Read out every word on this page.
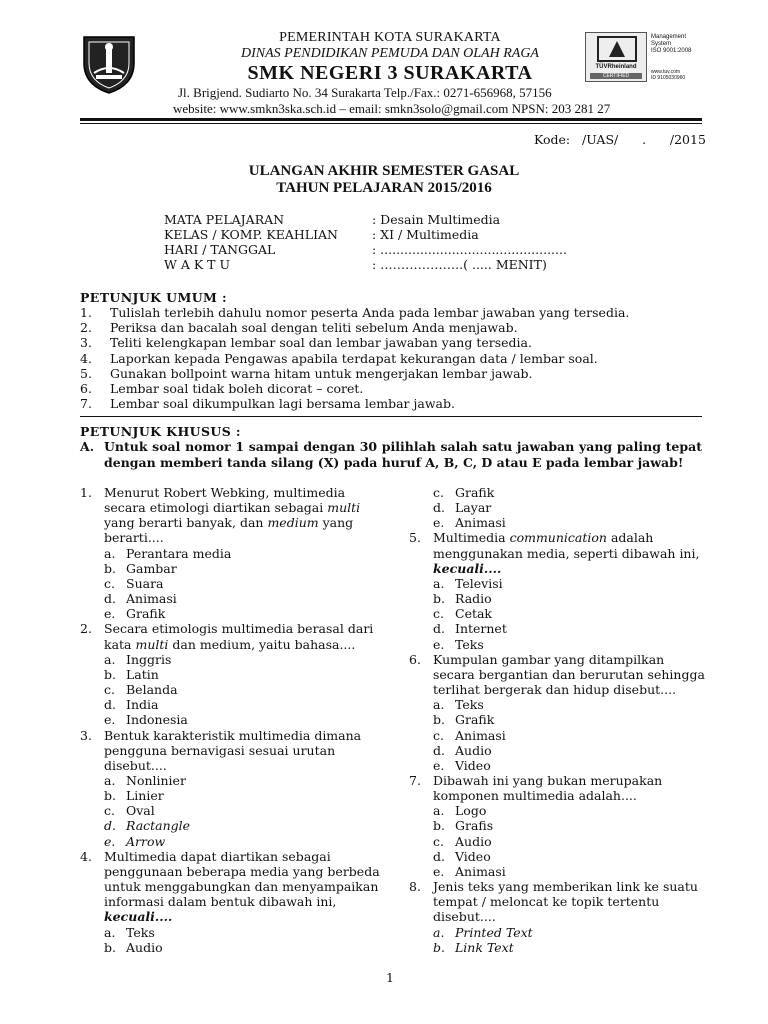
PEMERINTAH KOTA SURAKARTA
DINAS PENDIDIKAN PEMUDA DAN OLAH RAGA
SMK NEGERI 3 SURAKARTA
Jl. Brigjend. Sudiarto No. 34 Surakarta Telp./Fax.: 0271-656968, 57156
website: www.smkn3ska.sch.id – email: smkn3solo@gmail.com NPSN: 203 281 27
TÜVRheinland
CERTIFIED
Management
System
ISO 9001:2008
www.tuv.com
ID 9105030960
Kode:   /UAS/      .      /2015
ULANGAN AKHIR SEMESTER GASAL
TAHUN PELAJARAN 2015/2016
MATA PELAJARAN	: Desain Multimedia
KELAS / KOMP. KEAHLIAN	: XI / Multimedia
HARI / TANGGAL	: ...............................................
W A K T U	: ………………..( ..... MENIT)
PETUNJUK UMUM :
1. Tulislah terlebih dahulu nomor peserta Anda pada lembar jawaban yang tersedia.
2. Periksa dan bacalah soal dengan teliti sebelum Anda menjawab.
3. Teliti kelengkapan lembar soal dan lembar jawaban yang tersedia.
4. Laporkan kepada Pengawas apabila terdapat kekurangan data / lembar soal.
5. Gunakan bollpoint warna hitam untuk mengerjakan lembar jawab.
6. Lembar soal tidak boleh dicorat – coret.
7. Lembar soal dikumpulkan lagi bersama lembar jawab.
PETUNJUK KHUSUS :
A. Untuk soal nomor 1 sampai dengan 30 pilihlah salah satu jawaban yang paling tepat dengan memberi tanda silang (X) pada huruf A, B, C, D atau E pada lembar jawab!
1. Menurut Robert Webking, multimedia
secara etimologi diartikan sebagai multi
yang berarti banyak, dan medium yang
berarti....
a. Perantara media
b. Gambar
c. Suara
d. Animasi
e. Grafik
2. Secara etimologis multimedia berasal dari
kata multi dan medium, yaitu bahasa....
a. Inggris
b. Latin
c. Belanda
d. India
e. Indonesia
3. Bentuk karakteristik multimedia dimana
pengguna bernavigasi sesuai urutan
disebut....
a. Nonlinier
b. Linier
c. Oval
d. Ractangle
e. Arrow
4. Multimedia dapat diartikan sebagai
penggunaan beberapa media yang berbeda
untuk menggabungkan dan menyampaikan
informasi dalam bentuk dibawah ini,
kecuali....
a. Teks
b. Audio
c. Grafik
d. Layar
e. Animasi
5. Multimedia communication adalah
menggunakan media, seperti dibawah ini,
kecuali....
a. Televisi
b. Radio
c. Cetak
d. Internet
e. Teks
6. Kumpulan gambar yang ditampilkan
secara bergantian dan berurutan sehingga
terlihat bergerak dan hidup disebut....
a. Teks
b. Grafik
c. Animasi
d. Audio
e. Video
7. Dibawah ini yang bukan merupakan
komponen multimedia adalah....
a. Logo
b. Grafis
c. Audio
d. Video
e. Animasi
8. Jenis teks yang memberikan link ke suatu
tempat / meloncat ke topik tertentu
disebut....
a. Printed Text
b. Link Text
1
